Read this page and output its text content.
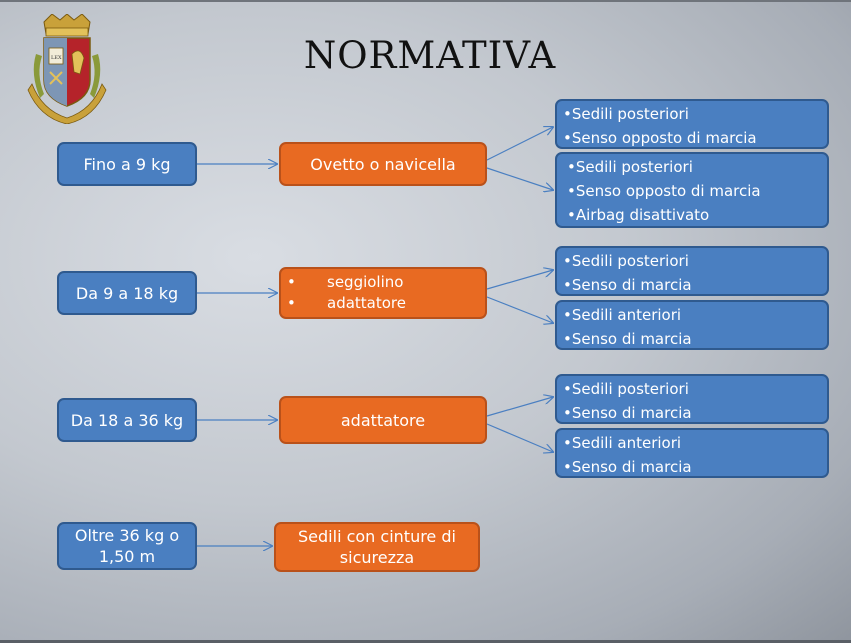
LEX	NORMATIVA
Fino a 9 kg	Ovetto o navicella
•Sedili posteriori
•Senso opposto di marcia
•Sedili posteriori
•Senso opposto di marcia
•Airbag disattivato
Da 9 a 18 kg
•	seggiolino
•	adattatore
•Sedili posteriori
•Senso di marcia
•Sedili anteriori
•Senso di marcia
Da 18 a 36 kg	adattatore
•Sedili posteriori
•Senso di marcia
•Sedili anteriori
•Senso di marcia
Oltre 36 kg o
1,50 m
Sedili con cinture di
sicurezza
